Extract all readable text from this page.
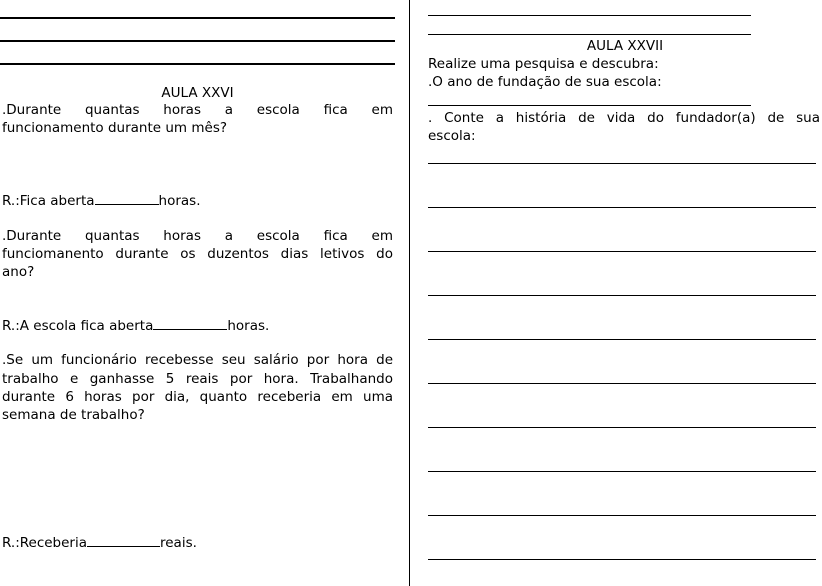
AULA XXVI
.Durante quantas horas a escola fica em
funcionamento durante um mês?
R.:Fica aberta	horas.
.Durante quantas horas a escola fica em
funciomanento durante os duzentos dias letivos do
ano?
R.:A escola fica aberta	horas.
.Se um funcionário recebesse seu salário por hora de
trabalho e ganhasse 5 reais por hora. Trabalhando
durante 6 horas por dia, quanto receberia em uma
semana de trabalho?
R.:Receberia	reais.
AULA XXVII
Realize uma pesquisa e descubra:
.O ano de fundação de sua escola:
. Conte a história de vida do fundador(a) de sua
escola:
